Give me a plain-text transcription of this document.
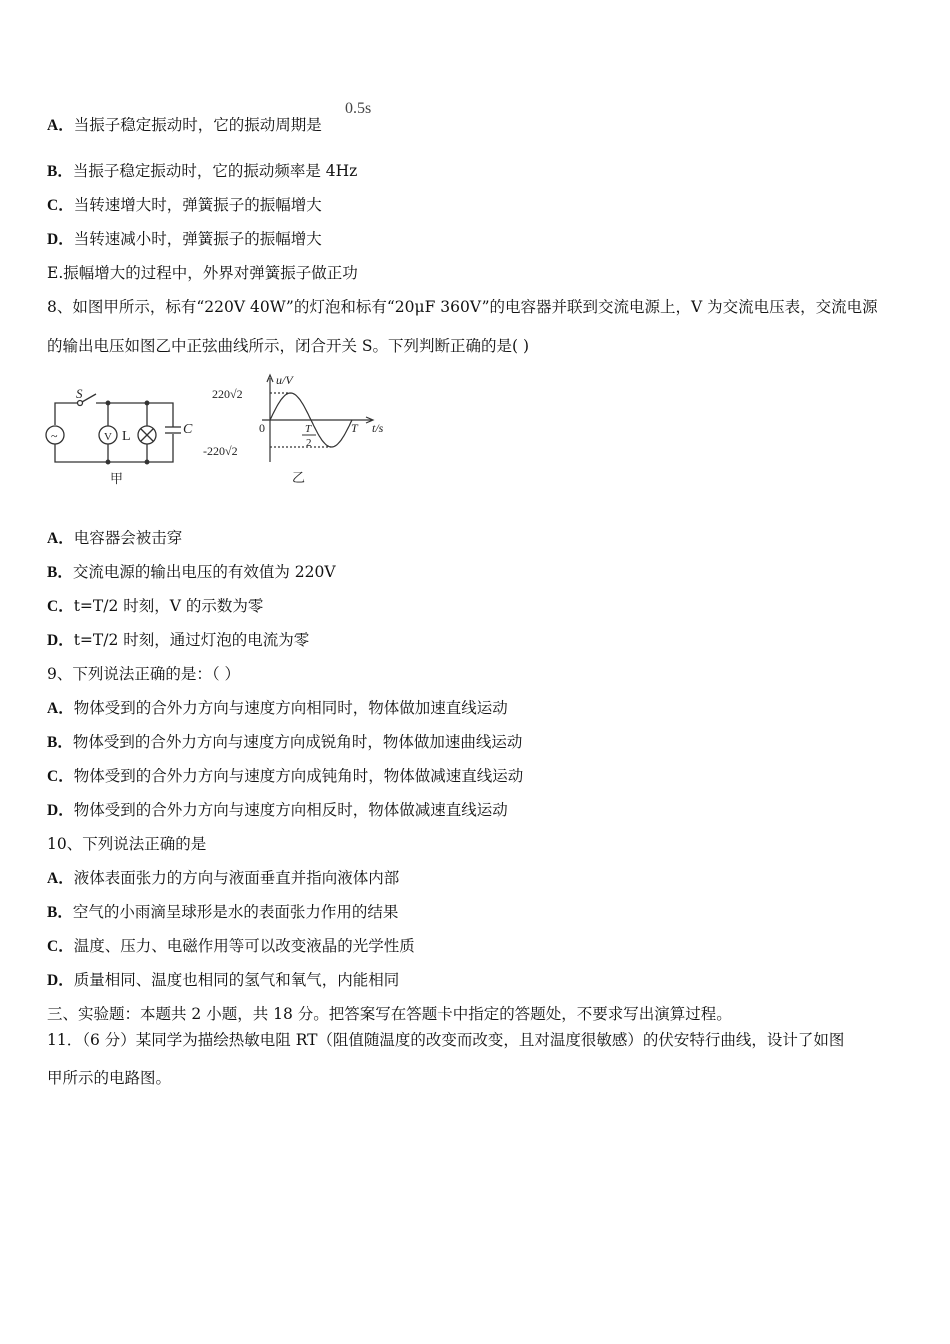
A．当振子稳定振动时，它的振动周期是
0.5s
B．当振子稳定振动时，它的振动频率是 4Hz
C．当转速增大时，弹簧振子的振幅增大
D．当转速减小时，弹簧振子的振幅增大
E.振幅增大的过程中，外界对弹簧振子做正功
8、如图甲所示，标有“220V 40W”的灯泡和标有“20μF 360V”的电容器并联到交流电源上，V 为交流电压表，交流电源
的输出电压如图乙中正弦曲线所示，闭合开关 S。下列判断正确的是( )
~	V
S
L	C
甲
u/V
t/s
220√2
-220√2
0	T
2
T
乙
A．电容器会被击穿
B．交流电源的输出电压的有效值为 220V
C．t=T/2 时刻，V 的示数为零
D．t=T/2 时刻，通过灯泡的电流为零
9、下列说法正确的是：（ ）
A．物体受到的合外力方向与速度方向相同时，物体做加速直线运动
B．物体受到的合外力方向与速度方向成锐角时，物体做加速曲线运动
C．物体受到的合外力方向与速度方向成钝角时，物体做减速直线运动
D．物体受到的合外力方向与速度方向相反时，物体做减速直线运动
10、下列说法正确的是
A．液体表面张力的方向与液面垂直并指向液体内部
B．空气的小雨滴呈球形是水的表面张力作用的结果
C．温度、压力、电磁作用等可以改变液晶的光学性质
D．质量相同、温度也相同的氢气和氧气，内能相同
三、实验题：本题共 2 小题，共 18 分。把答案写在答题卡中指定的答题处，不要求写出演算过程。
11．（6 分）某同学为描绘热敏电阻 RT（阻值随温度的改变而改变，且对温度很敏感）的伏安特行曲线，设计了如图
甲所示的电路图。
